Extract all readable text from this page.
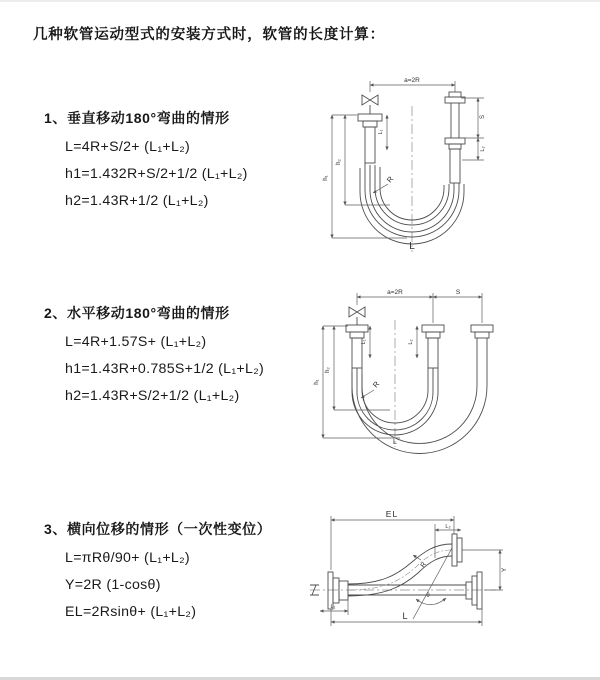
几种软管运动型式的安装方式时，软管的长度计算：
1、垂直移动180°弯曲的情形
L=4R+S/2+ (L₁+L₂)
h1=1.432R+S/2+1/2 (L₁+L₂)
h2=1.43R+1/2 (L₁+L₂)
2、水平移动180°弯曲的情形
L=4R+1.57S+ (L₁+L₂)
h1=1.43R+0.785S+1/2 (L₁+L₂)
h2=1.43R+S/2+1/2 (L₁+L₂)
3、横向位移的情形（一次性变位）
L=πRθ/90+ (L₁+L₂)
Y=2R (1-cosθ)
EL=2Rsinθ+ (L₁+L₂)
a=2R
S
L₂
h₁
h₂
L₁
R
L
a=2R	S
h₁
h₂
L₁	L₂
R
L
EL
L₂
Y
R
θ
L
L₁
